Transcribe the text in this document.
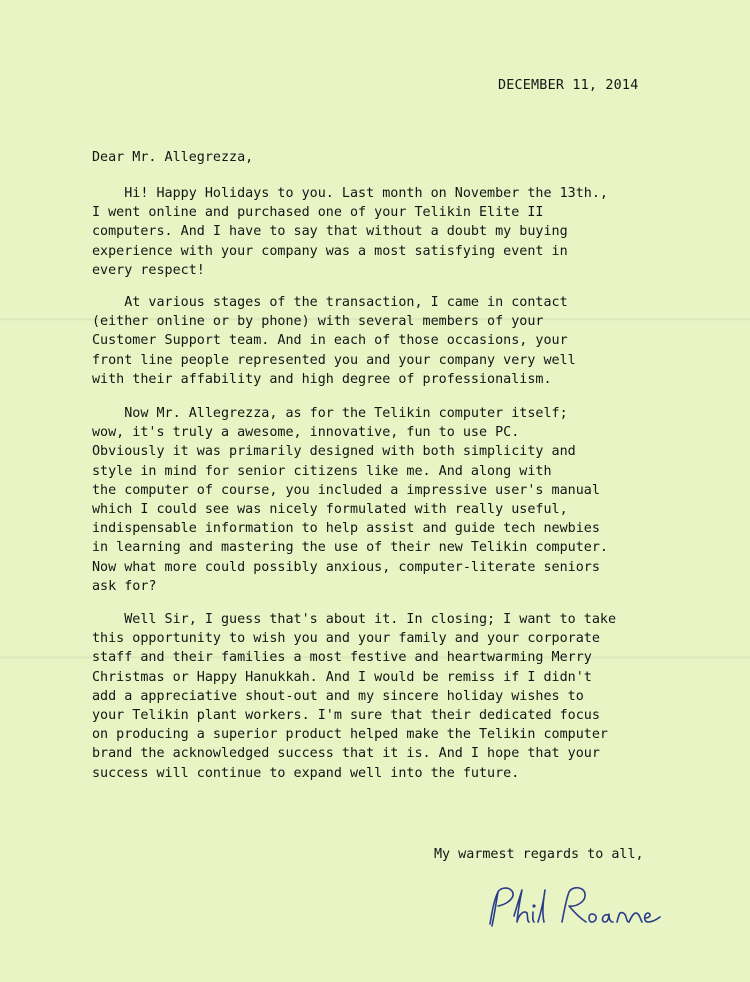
DECEMBER 11, 2014
Dear Mr. Allegrezza,
Hi! Happy Holidays to you. Last month on November the 13th.,
I went online and purchased one of your Telikin Elite II
computers. And I have to say that without a doubt my buying
experience with your company was a most satisfying event in
every respect!
At various stages of the transaction, I came in contact
(either online or by phone) with several members of your
Customer Support team. And in each of those occasions, your
front line people represented you and your company very well
with their affability and high degree of professionalism.
Now Mr. Allegrezza, as for the Telikin computer itself;
wow, it's truly a awesome, innovative, fun to use PC.
Obviously it was primarily designed with both simplicity and
style in mind for senior citizens like me. And along with
the computer of course, you included a impressive user's manual
which I could see was nicely formulated with really useful,
indispensable information to help assist and guide tech newbies
in learning and mastering the use of their new Telikin computer.
Now what more could possibly anxious, computer-literate seniors
ask for?
Well Sir, I guess that's about it. In closing; I want to take
this opportunity to wish you and your family and your corporate
staff and their families a most festive and heartwarming Merry
Christmas or Happy Hanukkah. And I would be remiss if I didn't
add a appreciative shout-out and my sincere holiday wishes to
your Telikin plant workers. I'm sure that their dedicated focus
on producing a superior product helped make the Telikin computer
brand the acknowledged success that it is. And I hope that your
success will continue to expand well into the future.
My warmest regards to all,
